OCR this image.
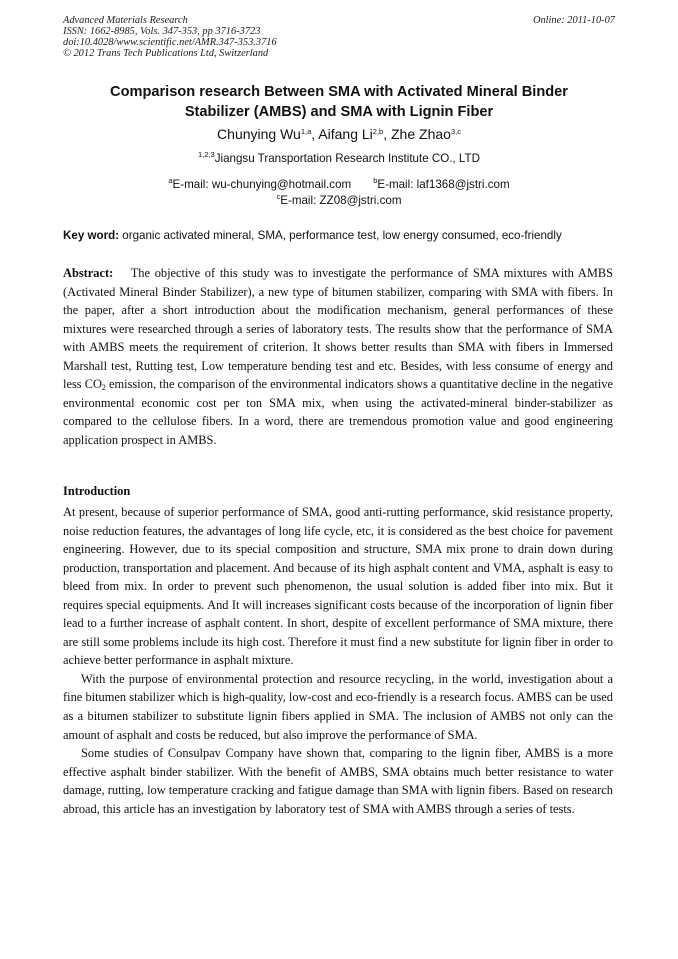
Advanced Materials Research
ISSN: 1662-8985, Vols. 347-353, pp 3716-3723
doi:10.4028/www.scientific.net/AMR.347-353.3716
© 2012 Trans Tech Publications Ltd, Switzerland
Online: 2011-10-07
Comparison research Between SMA with Activated Mineral Binder
Stabilizer (AMBS) and SMA with Lignin Fiber
Chunying Wu$^{1,a}$, Aifang Li$^{2,b}$, Zhe Zhao$^{3,c}$
$^{1,2,3}$Jiangsu Transportation Research Institute CO., LTD
$^a$E-mail: wu-chunying@hotmail.com	$^b$E-mail: laf1368@jstri.com
$^c$E-mail: ZZ08@jstri.com
Key word: organic activated mineral, SMA, performance test, low energy consumed, eco-friendly
Abstract: The objective of this study was to investigate the performance of SMA mixtures with AMBS (Activated Mineral Binder Stabilizer), a new type of bitumen stabilizer, comparing with SMA with fibers. In the paper, after a short introduction about the modification mechanism, general performances of these mixtures were researched through a series of laboratory tests. The results show that the performance of SMA with AMBS meets the requirement of criterion. It shows better results than SMA with fibers in Immersed Marshall test, Rutting test, Low temperature bending test and etc. Besides, with less consume of energy and less $CO_2$ emission, the comparison of the environmental indicators shows a quantitative decline in the negative environmental economic cost per ton SMA mix, when using the activated-mineral binder-stabilizer as compared to the cellulose fibers. In a word, there are tremendous promotion value and good engineering application prospect in AMBS.
Introduction

At present, because of superior performance of SMA, good anti-rutting performance, skid resistance property, noise reduction features, the advantages of long life cycle, etc, it is considered as the best choice for pavement engineering. However, due to its special composition and structure, SMA mix prone to drain down during production, transportation and placement. And because of its high asphalt content and VMA, asphalt is easy to bleed from mix. In order to prevent such phenomenon, the usual solution is added fiber into mix. But it requires special equipments. And It will increases significant costs because of the incorporation of lignin fiber lead to a further increase of asphalt content. In short, despite of excellent performance of SMA mixture, there are still some problems include its high cost. Therefore it must find a new substitute for lignin fiber in order to achieve better performance in asphalt mixture.

With the purpose of environmental protection and resource recycling, in the world, investigation about a fine bitumen stabilizer which is high-quality, low-cost and eco-friendly is a research focus. AMBS can be used as a bitumen stabilizer to substitute lignin fibers applied in SMA. The inclusion of AMBS not only can the amount of asphalt and costs be reduced, but also improve the performance of SMA.

Some studies of Consulpav Company have shown that, comparing to the lignin fiber, AMBS is a more effective asphalt binder stabilizer. With the benefit of AMBS, SMA obtains much better resistance to water damage, rutting, low temperature cracking and fatigue damage than SMA with lignin fibers. Based on research abroad, this article has an investigation by laboratory test of SMA with AMBS through a series of tests.
